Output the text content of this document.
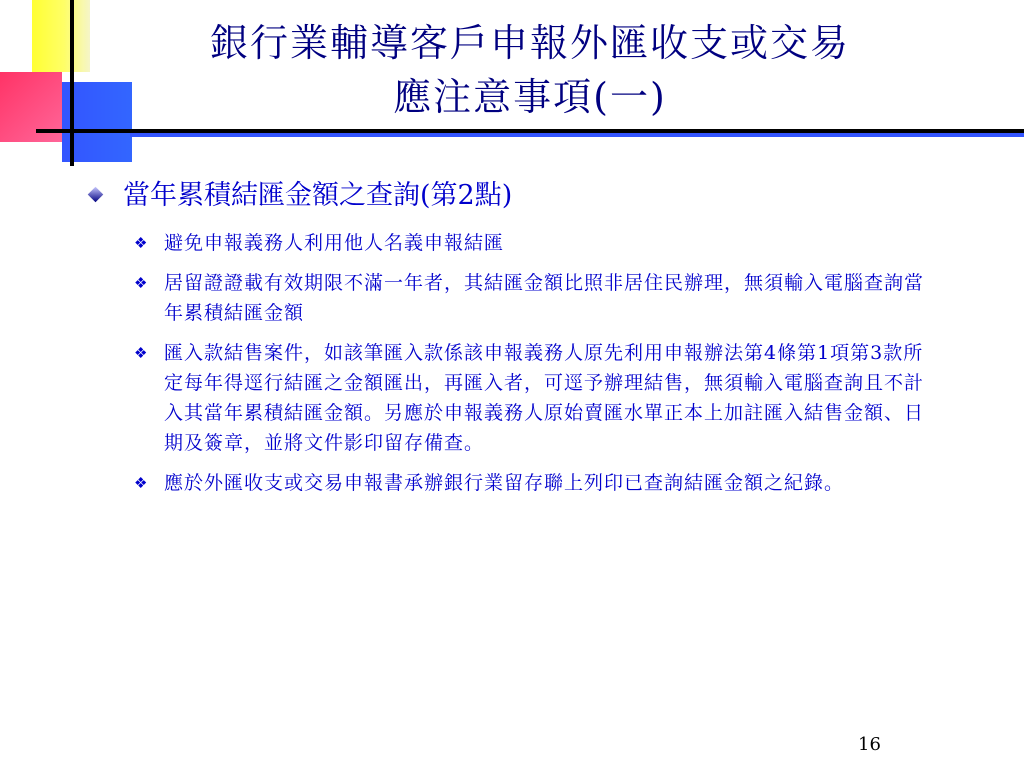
銀行業輔導客戶申報外匯收支或交易
應注意事項(一)
當年累積結匯金額之查詢(第2點)
❖ 避免申報義務人利用他人名義申報結匯
❖ 居留證證載有效期限不滿一年者，其結匯金額比照非居住民辦理，無須輸入電腦查詢當年累積結匯金額
❖ 匯入款結售案件，如該筆匯入款係該申報義務人原先利用申報辦法第4條第1項第3款所定每年得逕行結匯之金額匯出，再匯入者，可逕予辦理結售，無須輸入電腦查詢且不計入其當年累積結匯金額。另應於申報義務人原始賣匯水單正本上加註匯入結售金額、日期及簽章，並將文件影印留存備查。
❖ 應於外匯收支或交易申報書承辦銀行業留存聯上列印已查詢結匯金額之紀錄。
16
